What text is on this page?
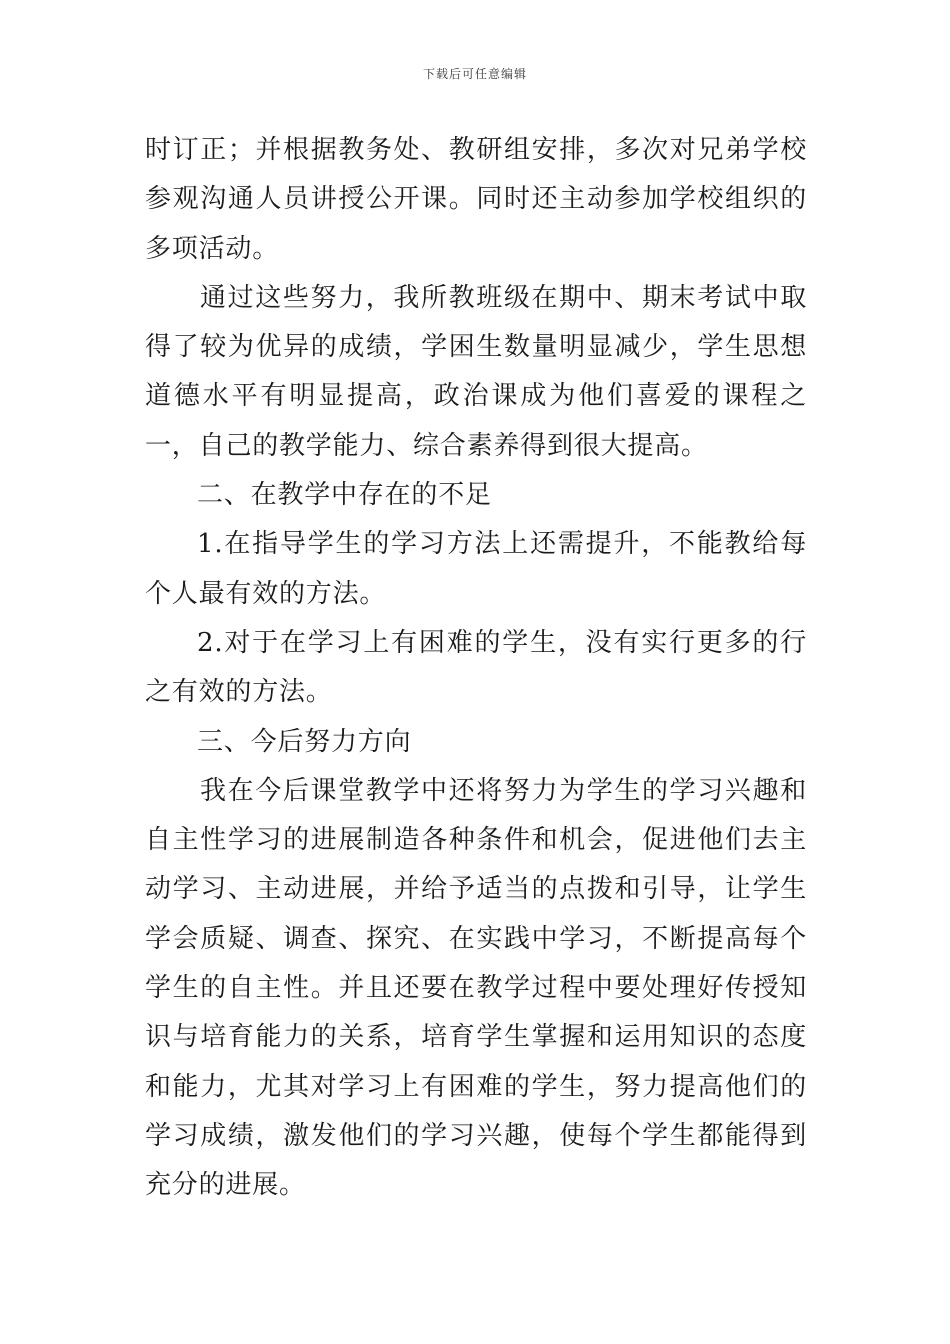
下载后可任意编辑

时订正；并根据教务处、教研组安排，多次对兄弟学校参观沟通人员讲授公开课。同时还主动参加学校组织的多项活动。

通过这些努力，我所教班级在期中、期末考试中取得了较为优异的成绩，学困生数量明显减少，学生思想道德水平有明显提高，政治课成为他们喜爱的课程之一，自己的教学能力、综合素养得到很大提高。

二、在教学中存在的不足

1.在指导学生的学习方法上还需提升，不能教给每个人最有效的方法。

2.对于在学习上有困难的学生，没有实行更多的行之有效的方法。

三、今后努力方向

我在今后课堂教学中还将努力为学生的学习兴趣和自主性学习的进展制造各种条件和机会，促进他们去主动学习、主动进展，并给予适当的点拨和引导，让学生学会质疑、调查、探究、在实践中学习，不断提高每个学生的自主性。并且还要在教学过程中要处理好传授知识与培育能力的关系，培育学生掌握和运用知识的态度和能力，尤其对学习上有困难的学生，努力提高他们的学习成绩，激发他们的学习兴趣，使每个学生都能得到充分的进展。
